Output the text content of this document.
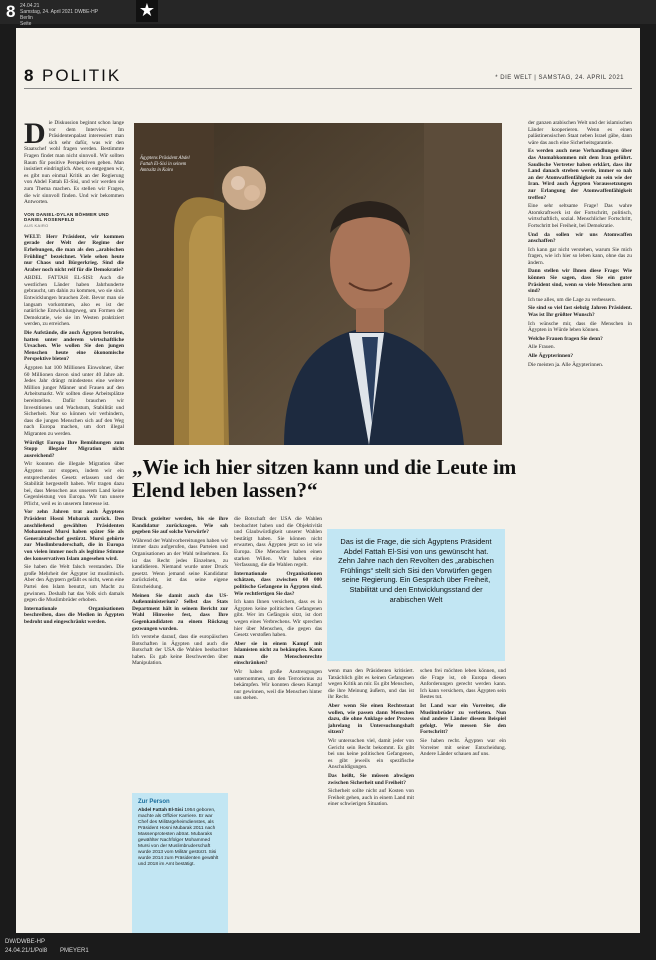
8 24.04.21
Samstag, 24. April 2021 DWBE-HP
Berlin
Seite
★
8 POLITIK	* DIE WELT | SAMSTAG, 24. APRIL 2021

Die Diskussion beginnt schon lange vor dem Interview. Im Präsidentenpalast interessiert man sich sehr dafür, was wir den Staatschef wohl fragen werden. Bestimmte Fragen findet man nicht sinnvoll. Wir sollten Raum für positive Perspektiven geben. Man insistiert eindringlich. Aber, so entgegnen wir, es gibt nun einmal Kritik an der Regierung von Abdel Fattah El-Sisi, und wir werden sie zum Thema machen. Es stellen wir Fragen, die wir sinnvoll finden. Und wir bekommen Antworten.

VON DANIEL-DYLAN BÖHMER UND DANIEL ROSENFELD
AUS KAIRO

WELT: Herr Präsident, wir kommen gerade der Welt der Regime der Erhebungen, die man als den „arabischen Frühling“ bezeichnet. Viele sehen heute nur Chaos und Bürgerkrieg. Sind die Araber noch nicht reif für die Demokratie?

ABDEL FATTAH EL-SISI: Auch die westlichen Länder haben Jahrhunderte gebraucht, um dahin zu kommen, wo sie sind. Entwicklungen brauchen Zeit. Bevor man sie langsam vorkommen, also es ist der natürliche Entwicklungsweg, um Formen der Demokratie, wie sie im Westen praktiziert werden, zu erreichen.

Die Aufstände, die auch Ägypten betrafen, hatten unter anderem wirtschaftliche Ursachen. Wie wollen Sie den jungen Menschen heute eine ökonomische Perspektive bieten?

Ägypten hat 100 Millionen Einwohner, über 60 Millionen davon sind unter 40 Jahre alt. Jedes Jahr drängt mindestens eine weitere Million junger Männer und Frauen auf den Arbeitsmarkt. Wir sollten diese Arbeitsplätze bereitstellen. Dafür brauchen wir Investitionen und Wachstum, Stabilität und Sicherheit. Nur so können wir verhindern, dass die jungen Menschen sich auf den Weg nach Europa machen, um dort illegal Migranten zu werden.

Würdigt Europa Ihre Bemühungen zum Stopp illegaler Migration nicht ausreichend?

Wir konnten die illegale Migration über Ägypten zur stoppen, indem wir ein entsprechendes Gesetz erlassen und der Stabilität hergestellt haben. Wir tragen dazu bei, dass Menschen aus unserem Land keine Gegenleistung von Europa. Wir tun unsere Pflicht, weil es in unserem Interesse ist.

Vor zehn Jahren trat auch Ägyptens Präsident Hosni Mubarak zurück. Den anschließend gewählten Präsidenten Mohammed Mursi haben später Sie als Generalstabschef gestürzt. Mursi gehörte zur Muslimbruderschaft, die in Europa von vielen immer noch als legitime Stimme des konservativen Islam angesehen wird.

Sie haben die Welt falsch verstanden. Die große Mehrheit der Ägypter ist muslimisch. Aber den Ägyptern gefällt es nicht, wenn eine Partei den Islam benutzt, um Macht zu gewinnen. Deshalb hat das Volk sich damals gegen die Muslimbrüder erhoben.

Internationale Organisationen beschreiben, dass die Medien in Ägypten bedroht und eingeschränkt werden.

Ägyptens Präsident Abdel Fattah El-Sisi in seinem Amtssitz in Kairo
„Wie ich hier sitzen kann und die Leute im Elend leben lassen?“
Das ist die Frage, die sich Ägyptens Präsident Abdel Fattah El-Sisi von uns gewünscht hat. Zehn Jahre nach den Revolten des „arabischen Frühlings“ stellt sich Sisi den Vorwürfen gegen seine Regierung. Ein Gespräch über Freiheit, Stabilität und den Entwicklungsstand der arabischen Welt

Druck gezielter werden, bis sie ihre Kandidatur zurückzogen. Wie sah gegeben Sie auf solche Vorwürfe?

Während der Wahlvorbereitungen haben wir immer dazu aufgerufen, dass Parteien und Organisationen an der Wahl teilnehmen. Es ist das Recht jedes Einzelnen, zu kandidieren. Niemand wurde unter Druck gesetzt. Wenn jemand seine Kandidatur zurückzieht, ist das seine eigene Entscheidung.

Meinen Sie damit auch das US-Außenministerium? Selbst das Stats Department hält in seinem Bericht zur Wahl Hinweise fest, dass Ihre Gegenkandidaten zu einem Rückzug gezwungen wurden.

Ich verstehe darauf, dass die europäischen Botschaften in Ägypten und auch die Botschaft der USA die Wahlen beobachtet haben. Es gab keine Beschwerden über Manipulation.

Zur Person
Abdel Fattah El-Sisi 1954 geboren, machte als Offizier Karriere. Er war Chef des Militärgeheimdienstes, als Präsident Hosni Mubarak 2011 nach Massenprotesten abtrat. Mubaraks gewählter Nachfolger Mohammed Mursi von der Muslimbruderschaft wurde 2013 vom Militär gestürzt. Sisi wurde 2014 zum Präsidenten gewählt und 2018 im Amt bestätigt.

die Botschaft der USA die Wahlen beobachtet haben und die Objektivität und Glaubwürdigkeit unserer Wahlen bestätigt haben. Sie können nicht erwarten, dass Ägypten jetzt so ist wie Europa. Die Menschen haben einen starken Willen. Wir haben eine Verfassung, die die Wahlen regelt.

Internationale Organisationen schätzen, dass zwischen 60 000 politische Gefangene in Ägypten sind. Wie rechtfertigen Sie das?

Ich kann Ihnen versichern, dass es in Ägypten keine politischen Gefangenen gibt. Wer im Gefängnis sitzt, ist dort wegen eines Verbrechens. Wir sprechen hier über Menschen, die gegen das Gesetz verstoßen haben.

Aber sie in einem Kampf mit Islamisten nicht zu bekämpfen. Kann man die Menschenrechte einschränken?

Wir haben große Anstrengungen unternommen, um den Terrorismus zu bekämpfen. Wir konnten diesen Kampf nur gewinnen, weil die Menschen hinter uns stehen.

wenn man den Präsidenten kritisiert. Tatsächlich gibt es keinen Gefangenen wegen Kritik an mir. Es gibt Menschen, die ihre Meinung äußern, und das ist ihr Recht.

Aber wenn Sie einen Rechtsstaat wollen, wie passen dann Menschen dazu, die ohne Anklage oder Prozess jahrelang in Untersuchungshaft sitzen?

Wir untersuchen viel, damit jeder von Gericht sein Recht bekommt. Es gibt bei uns keine politischen Gefangenen, es gibt jeweils ein spezifische Anschuldigungen.

Das heißt, Sie müssen abwägen zwischen Sicherheit und Freiheit?

Sicherheit sollte nicht auf Kosten von Freiheit gehen, auch in einem Land mit einer schwierigen Situation.

schen frei möchten leben können, und die Frage ist, ob Europa diesen Anforderungen gerecht werden kann. Ich kann versichern, dass Ägypten sein Bestes tut.

Ist Land war ein Vorreiter, die Muslimbrüder zu verbieten. Nun sind andere Länder diesem Beispiel gefolgt. Wie messen Sie den Fortschritt?

Sie haben recht. Ägypten war ein Vorreiter mit seiner Entscheidung. Andere Länder schauen auf uns.

der ganzen arabischen Welt und der islamischen Länder kooperieren. Wenn es einen palästinensischen Staat neben Israel gäbe, dann wäre das auch eine Sicherheitsgarantie.

Es werden auch neue Verhandlungen über das Atomabkommen mit dem Iran geführt. Saudische Vertreter haben erklärt, dass ihr Land danach streben werde, immer so nah an der Atomwaffenfähigkeit zu sein wie der Iran. Wird auch Ägypten Voraussetzungen zur Erlangung der Atomwaffenfähigkeit treffen?

Eine sehr seltsame Frage! Das wahre Atomkraftwerk ist der Fortschritt, politisch, wirtschaftlich, sozial. Menschlicher Fortschritt, Fortschritt bei Freiheit, bei Demokratie.

Und da sollen wir uns Atomwaffen anschaffen?

Ich kann gar nicht verstehen, warum Sie mich fragen, wie ich hier so leben kann, ohne das zu ändern.

Dann stellen wir Ihnen diese Frage: Wie können Sie sagen, dass Sie ein guter Präsident sind, wenn so viele Menschen arm sind?

Ich tue alles, um die Lage zu verbessern.

Sie sind so viel fast siebzig Jahren Präsident. Was ist Ihr größter Wunsch?

Ich wünsche mir, dass die Menschen in Ägypten in Würde leben können.

Welche Frauen fragen Sie denn?

Alle Frauen.

Alle Ägypterinnen?

Die meisten ja. Alle Ägypterinnen.

DW/DWBE-HP
24.04.21/1/Pol8 PMEYER1
